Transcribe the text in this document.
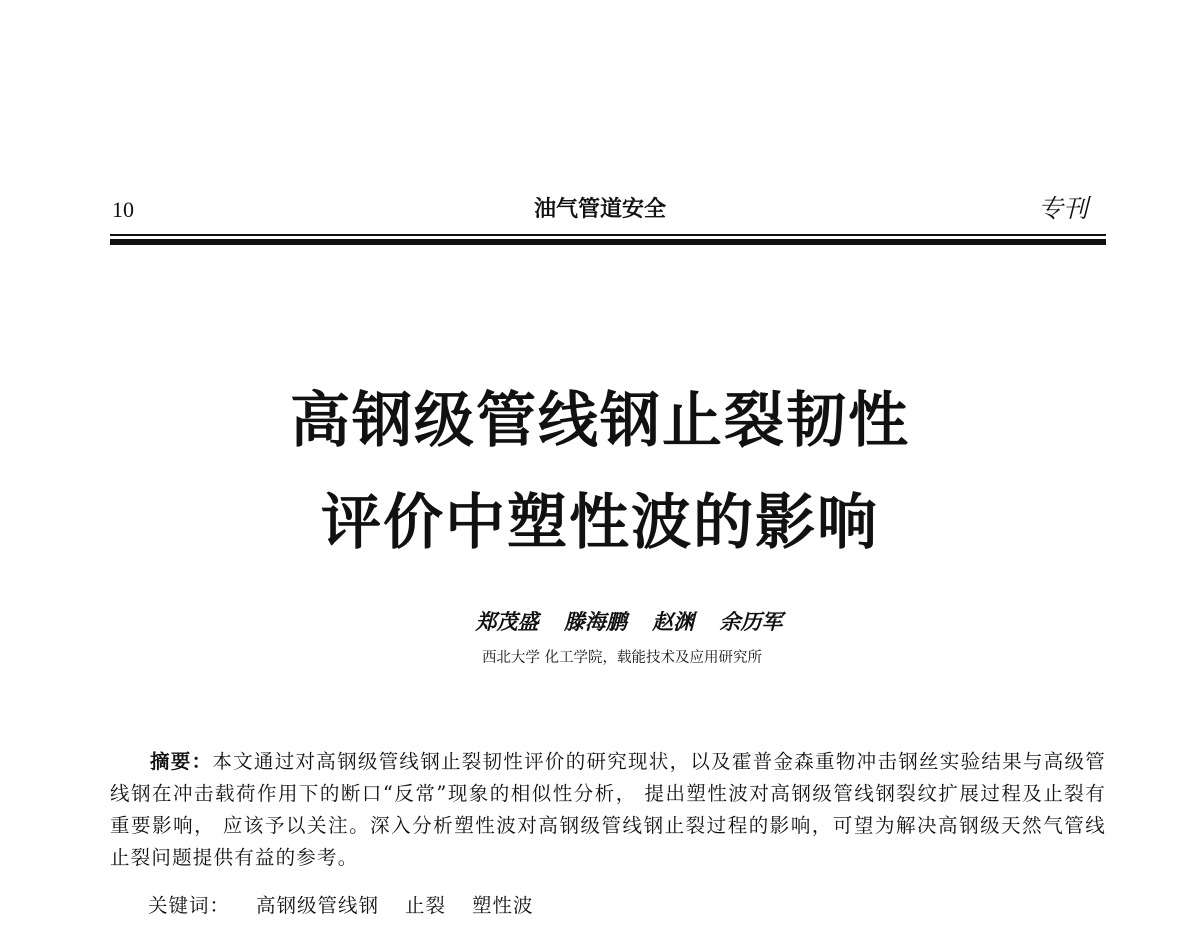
10	油气管道安全	专刊
高钢级管线钢止裂韧性
评价中塑性波的影响
郑茂盛 滕海鹏 赵渊 余历军
西北大学 化工学院，载能技术及应用研究所

摘要：本文通过对高钢级管线钢止裂韧性评价的研究现状，以及霍普金森重物冲击钢丝实验结果与高级管线钢在冲击载荷作用下的断口“反常”现象的相似性分析， 提出塑性波对高钢级管线钢裂纹扩展过程及止裂有重要影响， 应该予以关注。深入分析塑性波对高钢级管线钢止裂过程的影响，可望为解决高钢级天然气管线止裂问题提供有益的参考。

关键词： 高钢级管线钢 止裂 塑性波
